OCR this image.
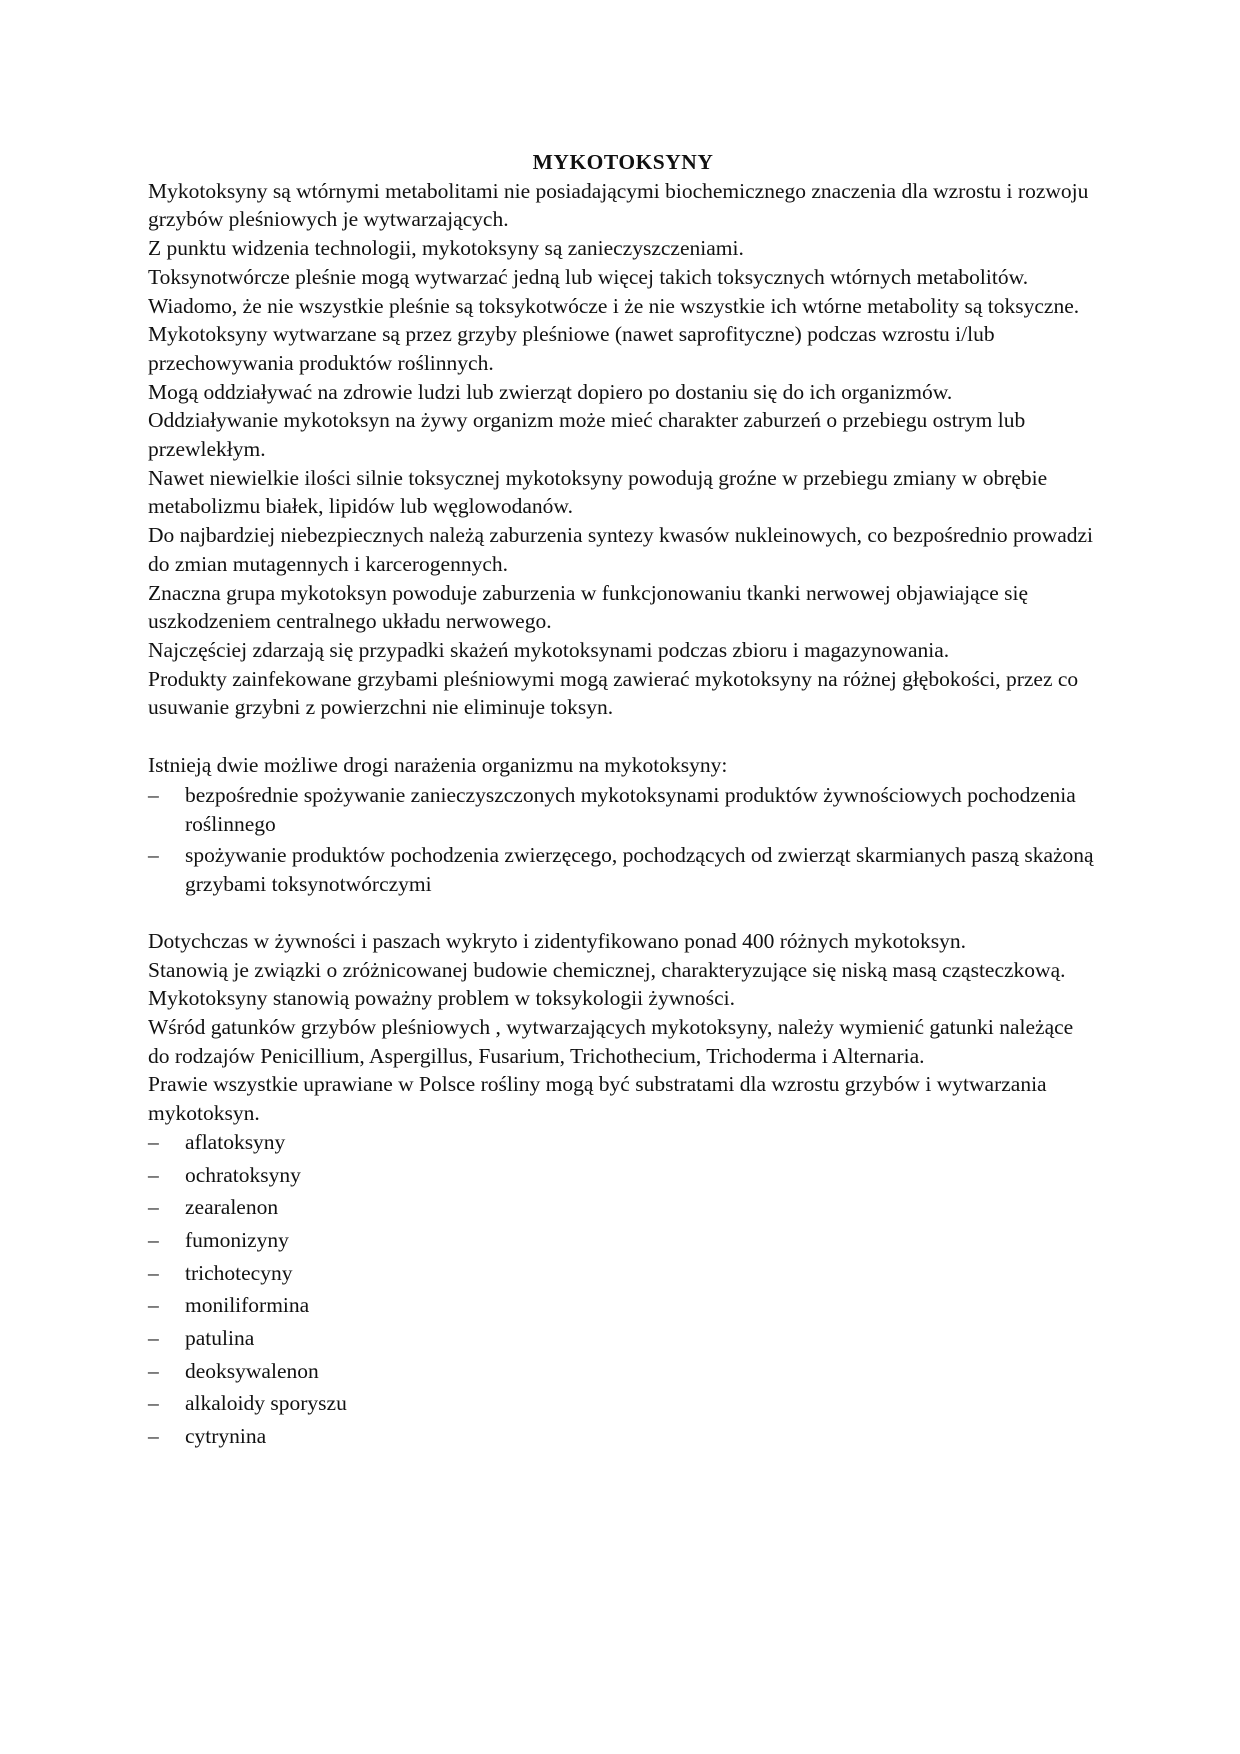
MYKOTOKSYNY

Mykotoksyny są wtórnymi metabolitami nie posiadającymi biochemicznego znaczenia dla wzrostu i rozwoju grzybów pleśniowych je wytwarzających.

Z punktu widzenia technologii, mykotoksyny są zanieczyszczeniami.

Toksynotwórcze pleśnie mogą wytwarzać jedną lub więcej takich toksycznych wtórnych metabolitów.

Wiadomo, że nie wszystkie pleśnie są toksykotwócze i że nie wszystkie ich wtórne metabolity są toksyczne.

Mykotoksyny wytwarzane są przez grzyby pleśniowe (nawet saprofityczne) podczas wzrostu i/lub przechowywania produktów roślinnych.

Mogą oddziaływać na zdrowie ludzi lub zwierząt dopiero po dostaniu się do ich organizmów.

Oddziaływanie mykotoksyn na żywy organizm może mieć charakter zaburzeń o przebiegu ostrym lub przewlekłym.

Nawet niewielkie ilości silnie toksycznej mykotoksyny powodują groźne w przebiegu zmiany w obrębie metabolizmu białek, lipidów lub węglowodanów.

Do najbardziej niebezpiecznych należą zaburzenia syntezy kwasów nukleinowych, co bezpośrednio prowadzi do zmian mutagennych i karcerogennych.

Znaczna grupa mykotoksyn powoduje zaburzenia w funkcjonowaniu tkanki nerwowej objawiające się uszkodzeniem centralnego układu nerwowego.

Najczęściej zdarzają się przypadki skażeń mykotoksynami podczas zbioru i magazynowania.

Produkty zainfekowane grzybami pleśniowymi mogą zawierać mykotoksyny na różnej głębokości, przez co usuwanie grzybni z powierzchni nie eliminuje toksyn.

Istnieją dwie możliwe drogi narażenia organizmu na mykotoksyny:

– bezpośrednie spożywanie zanieczyszczonych mykotoksynami produktów żywnościowych pochodzenia roślinnego
– spożywanie produktów pochodzenia zwierzęcego, pochodzących od zwierząt skarmianych paszą skażoną grzybami toksynotwórczymi

Dotychczas w żywności i paszach wykryto i zidentyfikowano ponad 400 różnych mykotoksyn.

Stanowią je związki o zróżnicowanej budowie chemicznej, charakteryzujące się niską masą cząsteczkową.

Mykotoksyny stanowią poważny problem w toksykologii żywności.

Wśród gatunków grzybów pleśniowych , wytwarzających mykotoksyny, należy wymienić gatunki należące do rodzajów Penicillium, Aspergillus, Fusarium, Trichothecium, Trichoderma i Alternaria.

Prawie wszystkie uprawiane w Polsce rośliny mogą być substratami dla wzrostu grzybów i wytwarzania mykotoksyn.

– aflatoksyny
– ochratoksyny
– zearalenon
– fumonizyny
– trichotecyny
– moniliformina
– patulina
– deoksywalenon
– alkaloidy sporyszu
– cytrynina
